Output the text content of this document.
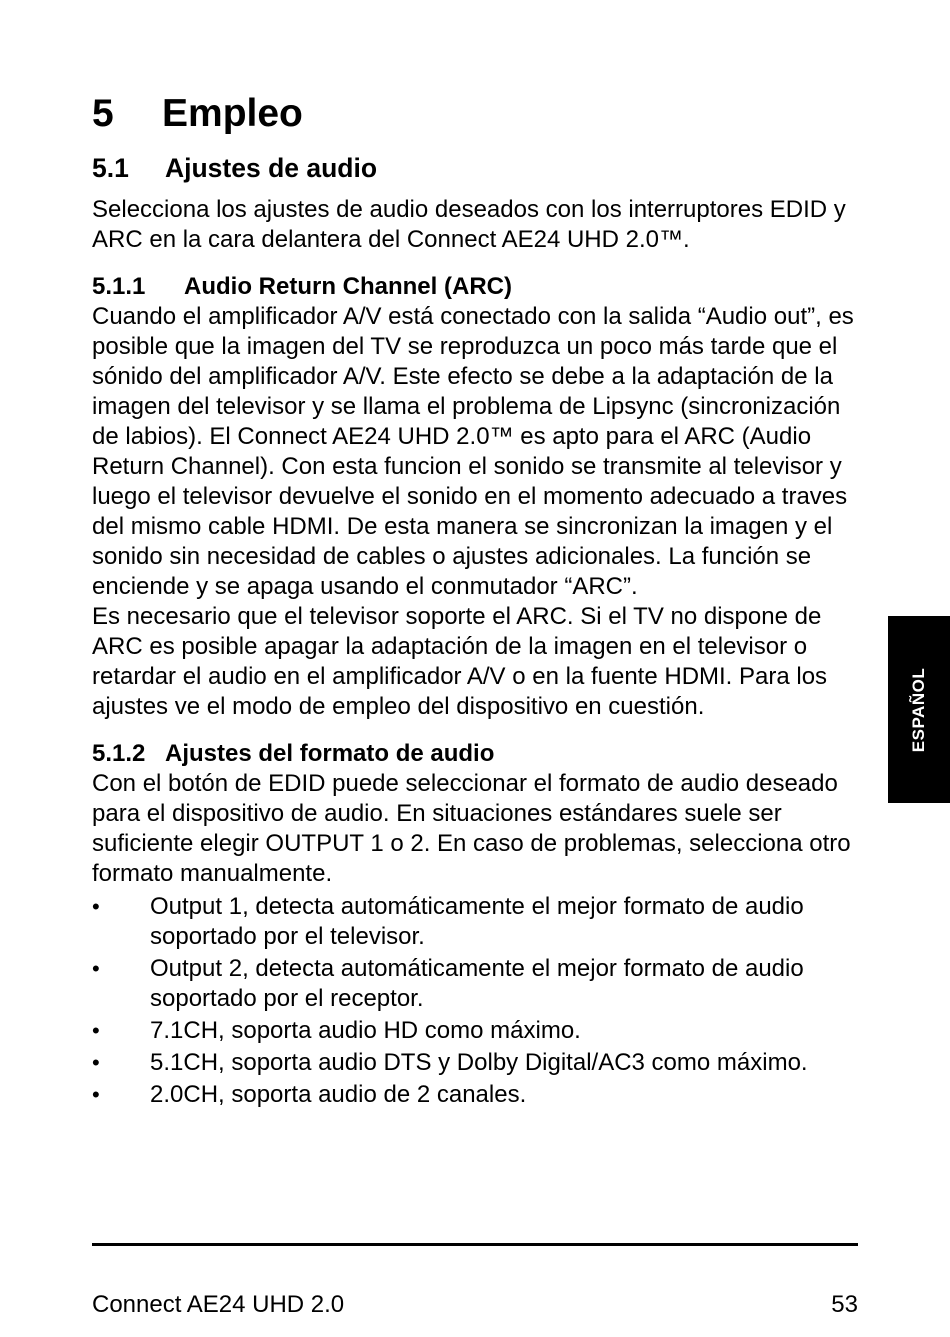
5	Empleo
5.1	Ajustes de audio

Selecciona los ajustes de audio deseados con los interruptores EDID y ARC en la cara delantera del Connect AE24 UHD 2.0™.

5.1.1	Audio Return Channel (ARC)

Cuando el amplificador A/V está conectado con la salida “Audio out”, es posible que la imagen del TV se reproduzca un poco más tarde que el sónido del amplificador A/V. Este efecto se debe a la adaptación de la imagen del televisor y se llama el problema de Lipsync (sincronización de labios). El Connect AE24 UHD 2.0™ es apto para el ARC (Audio Return Channel). Con esta funcion el sonido se transmite al televisor y luego el televisor devuelve el sonido en el momento adecuado a traves del mismo cable HDMI. De esta manera se sincronizan la imagen y el sonido sin necesidad de cables o ajustes adicionales. La función se enciende y se apaga usando el conmutador “ARC”.

Es necesario que el televisor soporte el ARC. Si el TV no dispone de ARC es posible apagar la adaptación de la imagen en el televisor o retardar el audio en el amplificador A/V o en la fuente HDMI. Para los ajustes ve el modo de empleo del dispositivo en cuestión.

5.1.2 Ajustes del formato de audio

Con el botón de EDID puede seleccionar el formato de audio deseado para el dispositivo de audio. En situaciones estándares suele ser suficiente elegir OUTPUT 1 o 2. En caso de problemas, selecciona otro formato manualmente.

•	Output 1, detecta automáticamente el mejor formato de audio soportado por el televisor.
•	Output 2, detecta automáticamente el mejor formato de audio soportado por el receptor.
•	7.1CH, soporta audio HD como máximo.
•	5.1CH, soporta audio DTS y Dolby Digital/AC3 como máximo.
•	2.0CH, soporta audio de 2 canales.
ESPAÑOL
Connect AE24 UHD 2.0	53
